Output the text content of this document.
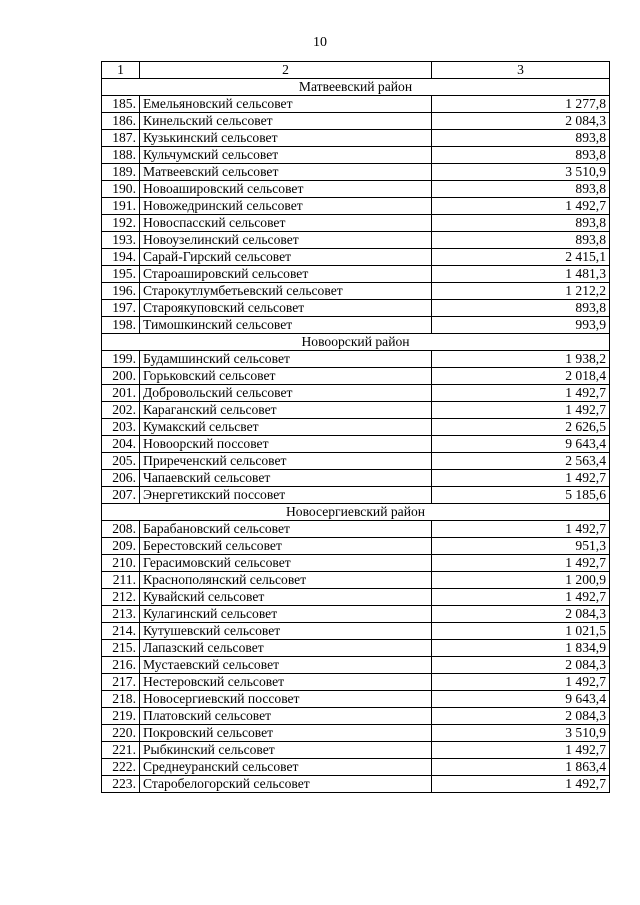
10
1	2	3
Матвеевский район		
185.	Емельяновский сельсовет	1 277,8
186.	Кинельский сельсовет	2 084,3
187.	Кузькинский сельсовет	893,8
188.	Кульчумский сельсовет	893,8
189.	Матвеевский сельсовет	3 510,9
190.	Новоашировский сельсовет	893,8
191.	Новожедринский сельсовет	1 492,7
192.	Новоспасский сельсовет	893,8
193.	Новоузелинский сельсовет	893,8
194.	Сарай-Гирский сельсовет	2 415,1
195.	Староашировский сельсовет	1 481,3
196.	Старокутлумбетьевский сельсовет	1 212,2
197.	Староякуповский сельсовет	893,8
198.	Тимошкинский сельсовет	993,9
Новоорский район		
199.	Будамшинский сельсовет	1 938,2
200.	Горьковский сельсовет	2 018,4
201.	Добровольский сельсовет	1 492,7
202.	Караганский сельсовет	1 492,7
203.	Кумакский сельсвет	2 626,5
204.	Новоорский поссовет	9 643,4
205.	Приреченский сельсовет	2 563,4
206.	Чапаевский сельсовет	1 492,7
207.	Энергетикский поссовет	5 185,6
Новосергиевский район		
208.	Барабановский сельсовет	1 492,7
209.	Берестовский сельсовет	951,3
210.	Герасимовский сельсовет	1 492,7
211.	Краснополянский сельсовет	1 200,9
212.	Кувайский сельсовет	1 492,7
213.	Кулагинский сельсовет	2 084,3
214.	Кутушевский сельсовет	1 021,5
215.	Лапазский сельсовет	1 834,9
216.	Мустаевский сельсовет	2 084,3
217.	Нестеровский сельсовет	1 492,7
218.	Новосергиевский поссовет	9 643,4
219.	Платовский сельсовет	2 084,3
220.	Покровский сельсовет	3 510,9
221.	Рыбкинский сельсовет	1 492,7
222.	Среднеуранский сельсовет	1 863,4
223.	Старобелогорский сельсовет	1 492,7
